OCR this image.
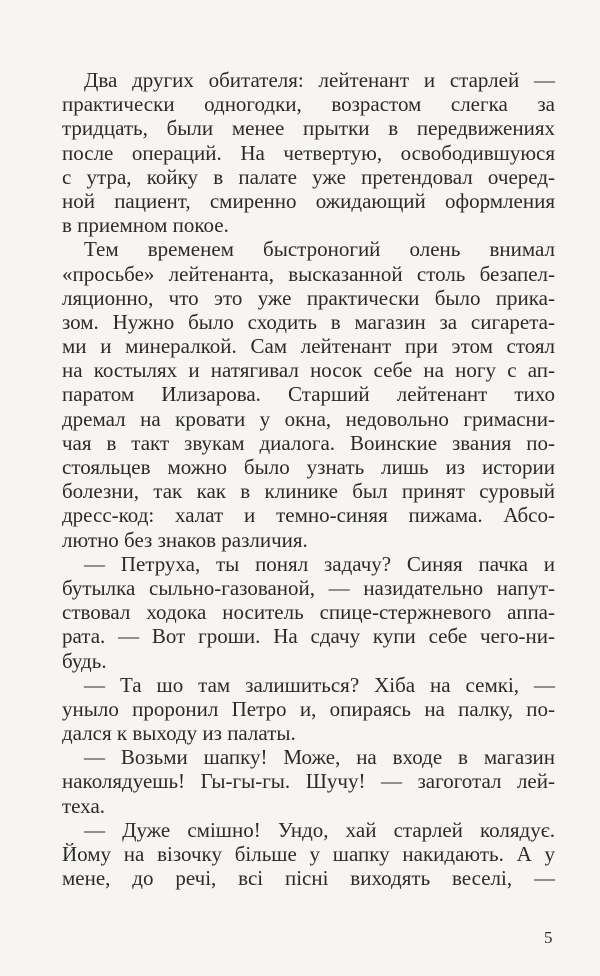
Два других обитателя: лейтенант и старлей —
практически одногодки, возрастом слегка за
тридцать, были менее прытки в передвижениях
после операций. На четвертую, освободившуюся
с утра, койку в палате уже претендовал очеред-
ной пациент, смиренно ожидающий оформления
в приемном покое.
Тем временем быстроногий олень внимал
«просьбе» лейтенанта, высказанной столь безапел-
ляционно, что это уже практически было прика-
зом. Нужно было сходить в магазин за сигарета-
ми и минералкой. Сам лейтенант при этом стоял
на костылях и натягивал носок себе на ногу с ап-
паратом Илизарова. Старший лейтенант тихо
дремал на кровати у окна, недовольно гримасни-
чая в такт звукам диалога. Воинские звания по-
стояльцев можно было узнать лишь из истории
болезни, так как в клинике был принят суровый
дресс-код: халат и темно-синяя пижама. Абсо-
лютно без знаков различия.
— Петруха, ты понял задачу? Синяя пачка и
бутылка сыльно-газованой, — назидательно напут-
ствовал ходока носитель спице-стержневого аппа-
рата. — Вот гроши. На сдачу купи себе чего-ни-
будь.
— Та шо там залишиться? Хіба на семкі, —
уныло проронил Петро и, опираясь на палку, по-
дался к выходу из палаты.
— Возьми шапку! Може, на входе в магазин
наколядуешь! Гы-гы-гы. Шучу! — загоготал лей-
теха.
— Дуже смішно! Ундо, хай старлей колядує.
Йому на візочку більше у шапку накидають. А у
мене, до речі, всі пісні виходять веселі, —
5
